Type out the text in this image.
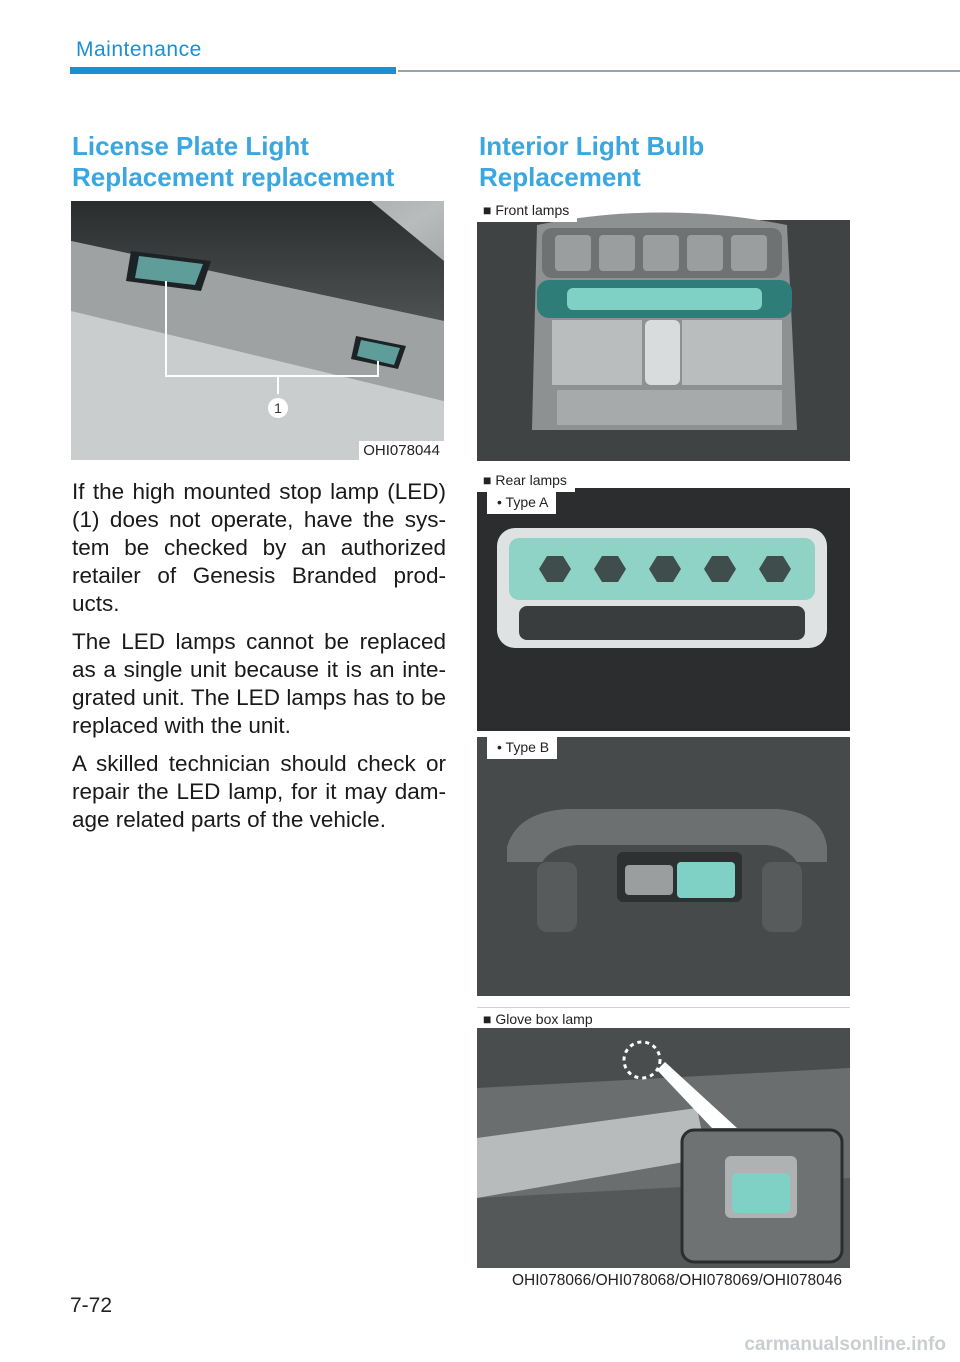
Maintenance
License Plate Light
Replacement replacement
1
OHI078044

If the high mounted stop lamp (LED) (1) does not operate, have the sys-tem be checked by an authorized retailer of Genesis Branded prod-ucts.

The LED lamps cannot be replaced as a single unit because it is an inte-grated unit. The LED lamps has to be replaced with the unit.

A skilled technician should check or repair the LED lamp, for it may dam-age related parts of the vehicle.

Interior Light Bulb
Replacement
■ Front lamps
■ Rear lamps
• Type A
• Type B
■ Glove box lamp
OHI078066/OHI078068/OHI078069/OHI078046
7-72
carmanualsonline.info
